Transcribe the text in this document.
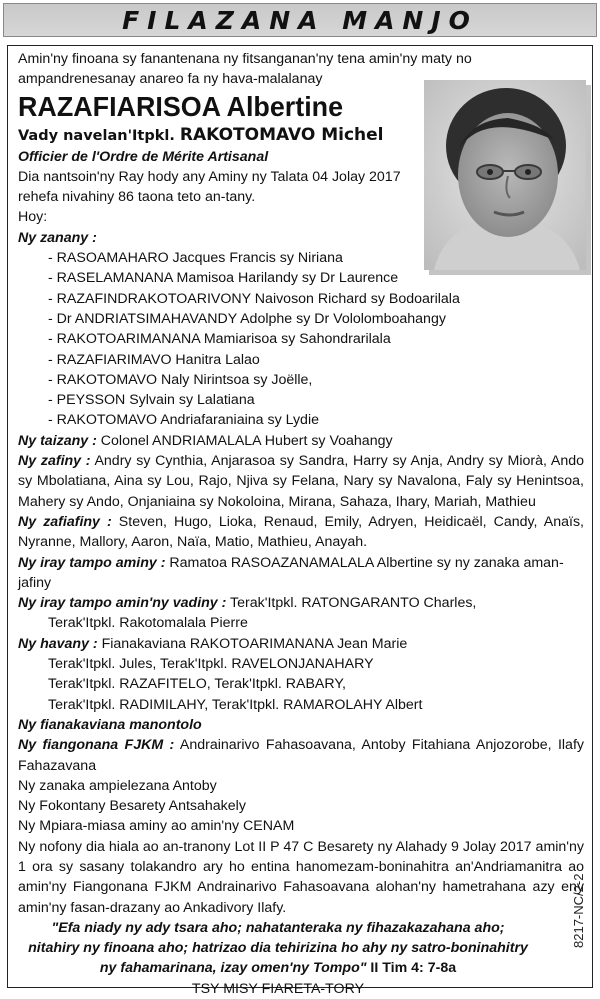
FILAZANA MANJO

Amin'ny finoana sy fanantenana ny fitsanganan'ny tena amin'ny maty no ampandrenesanay anareo fa ny hava-malalanay

RAZAFIARISOA Albertine

Vady navelan'Itpkl. RAKOTOMAVO Michel

Officier de l'Ordre de Mérite Artisanal

Dia nantsoin'ny Ray hody any Aminy ny Talata 04 Jolay 2017

rehefa nivahiny 86 taona teto an-tany.

Hoy:

Ny zanany :

- RASOAMAHARO Jacques Francis sy Niriana
- RASELAMANANA Mamisoa Harilandy sy Dr Laurence
- RAZAFINDRAKOTOARIVONY Naivoson Richard sy Bodoarilala
- Dr ANDRIATSIMAHAVANDY Adolphe sy Dr Vololomboahangy
- RAKOTOARIMANANA Mamiarisoa sy Sahondrarilala
- RAZAFIARIMAVO Hanitra Lalao
- RAKOTOMAVO Naly Nirintsoa sy Joëlle,
- PEYSSON Sylvain sy Lalatiana
- RAKOTOMAVO Andriafaraniaina sy Lydie

Ny taizany : Colonel ANDRIAMALALA Hubert sy Voahangy

Ny zafiny : Andry sy Cynthia, Anjarasoa sy Sandra, Harry sy Anja, Andry sy Miorà, Ando sy Mbolatiana, Aina sy Lou, Rajo, Njiva sy Felana, Nary sy Navalona, Faly sy Henintsoa, Mahery sy Ando, Onjaniaina sy Nokoloina, Mirana, Sahaza, Ihary, Mariah, Mathieu

Ny zafiafiny : Steven, Hugo, Lioka, Renaud, Emily, Adryen, Heidicaël, Candy, Anaïs, Nyranne, Mallory, Aaron, Naïa, Matio, Mathieu, Anayah.

Ny iray tampo aminy : Ramatoa RASOAZANAMALALA Albertine sy ny zanaka aman-jafiny

Ny iray tampo amin'ny vadiny : Terak'Itpkl. RATONGARANTO Charles,

Terak'Itpkl. Rakotomalala Pierre

Ny havany : Fianakaviana RAKOTOARIMANANA Jean Marie

Terak'Itpkl. Jules, Terak'Itpkl. RAVELONJANAHARY

Terak'Itpkl. RAZAFITELO, Terak'Itpkl. RABARY,

Terak'Itpkl. RADIMILAHY, Terak'Itpkl. RAMAROLAHY Albert

Ny fianakaviana manontolo

Ny fiangonana FJKM : Andrainarivo Fahasoavana, Antoby Fitahiana Anjozorobe, Ilafy Fahazavana

Ny zanaka ampielezana Antoby

Ny Fokontany Besarety Antsahakely

Ny Mpiara-miasa aminy ao amin'ny CENAM

Ny nofony dia hiala ao an-tranony Lot II P 47 C Besarety ny Alahady 9 Jolay 2017 amin'ny 1 ora sy sasany tolakandro ary ho entina hanomezam-boninahitra an'Andriamanitra ao amin'ny Fiangonana FJKM Andrainarivo Fahasoavana alohan'ny hametrahana azy eny amin'ny fasan-drazany ao Ankadivory Ilafy.

"Efa niady ny ady tsara aho; nahatanteraka ny fihazakazahana aho;

nitahiry ny finoana aho; hatrizao dia tehirizina ho ahy ny satro-boninahitry

ny fahamarinana, izay omen'ny Tompo" II Tim 4: 7-8a

TSY MISY FIARETA-TORY

8217-NC/2-2
